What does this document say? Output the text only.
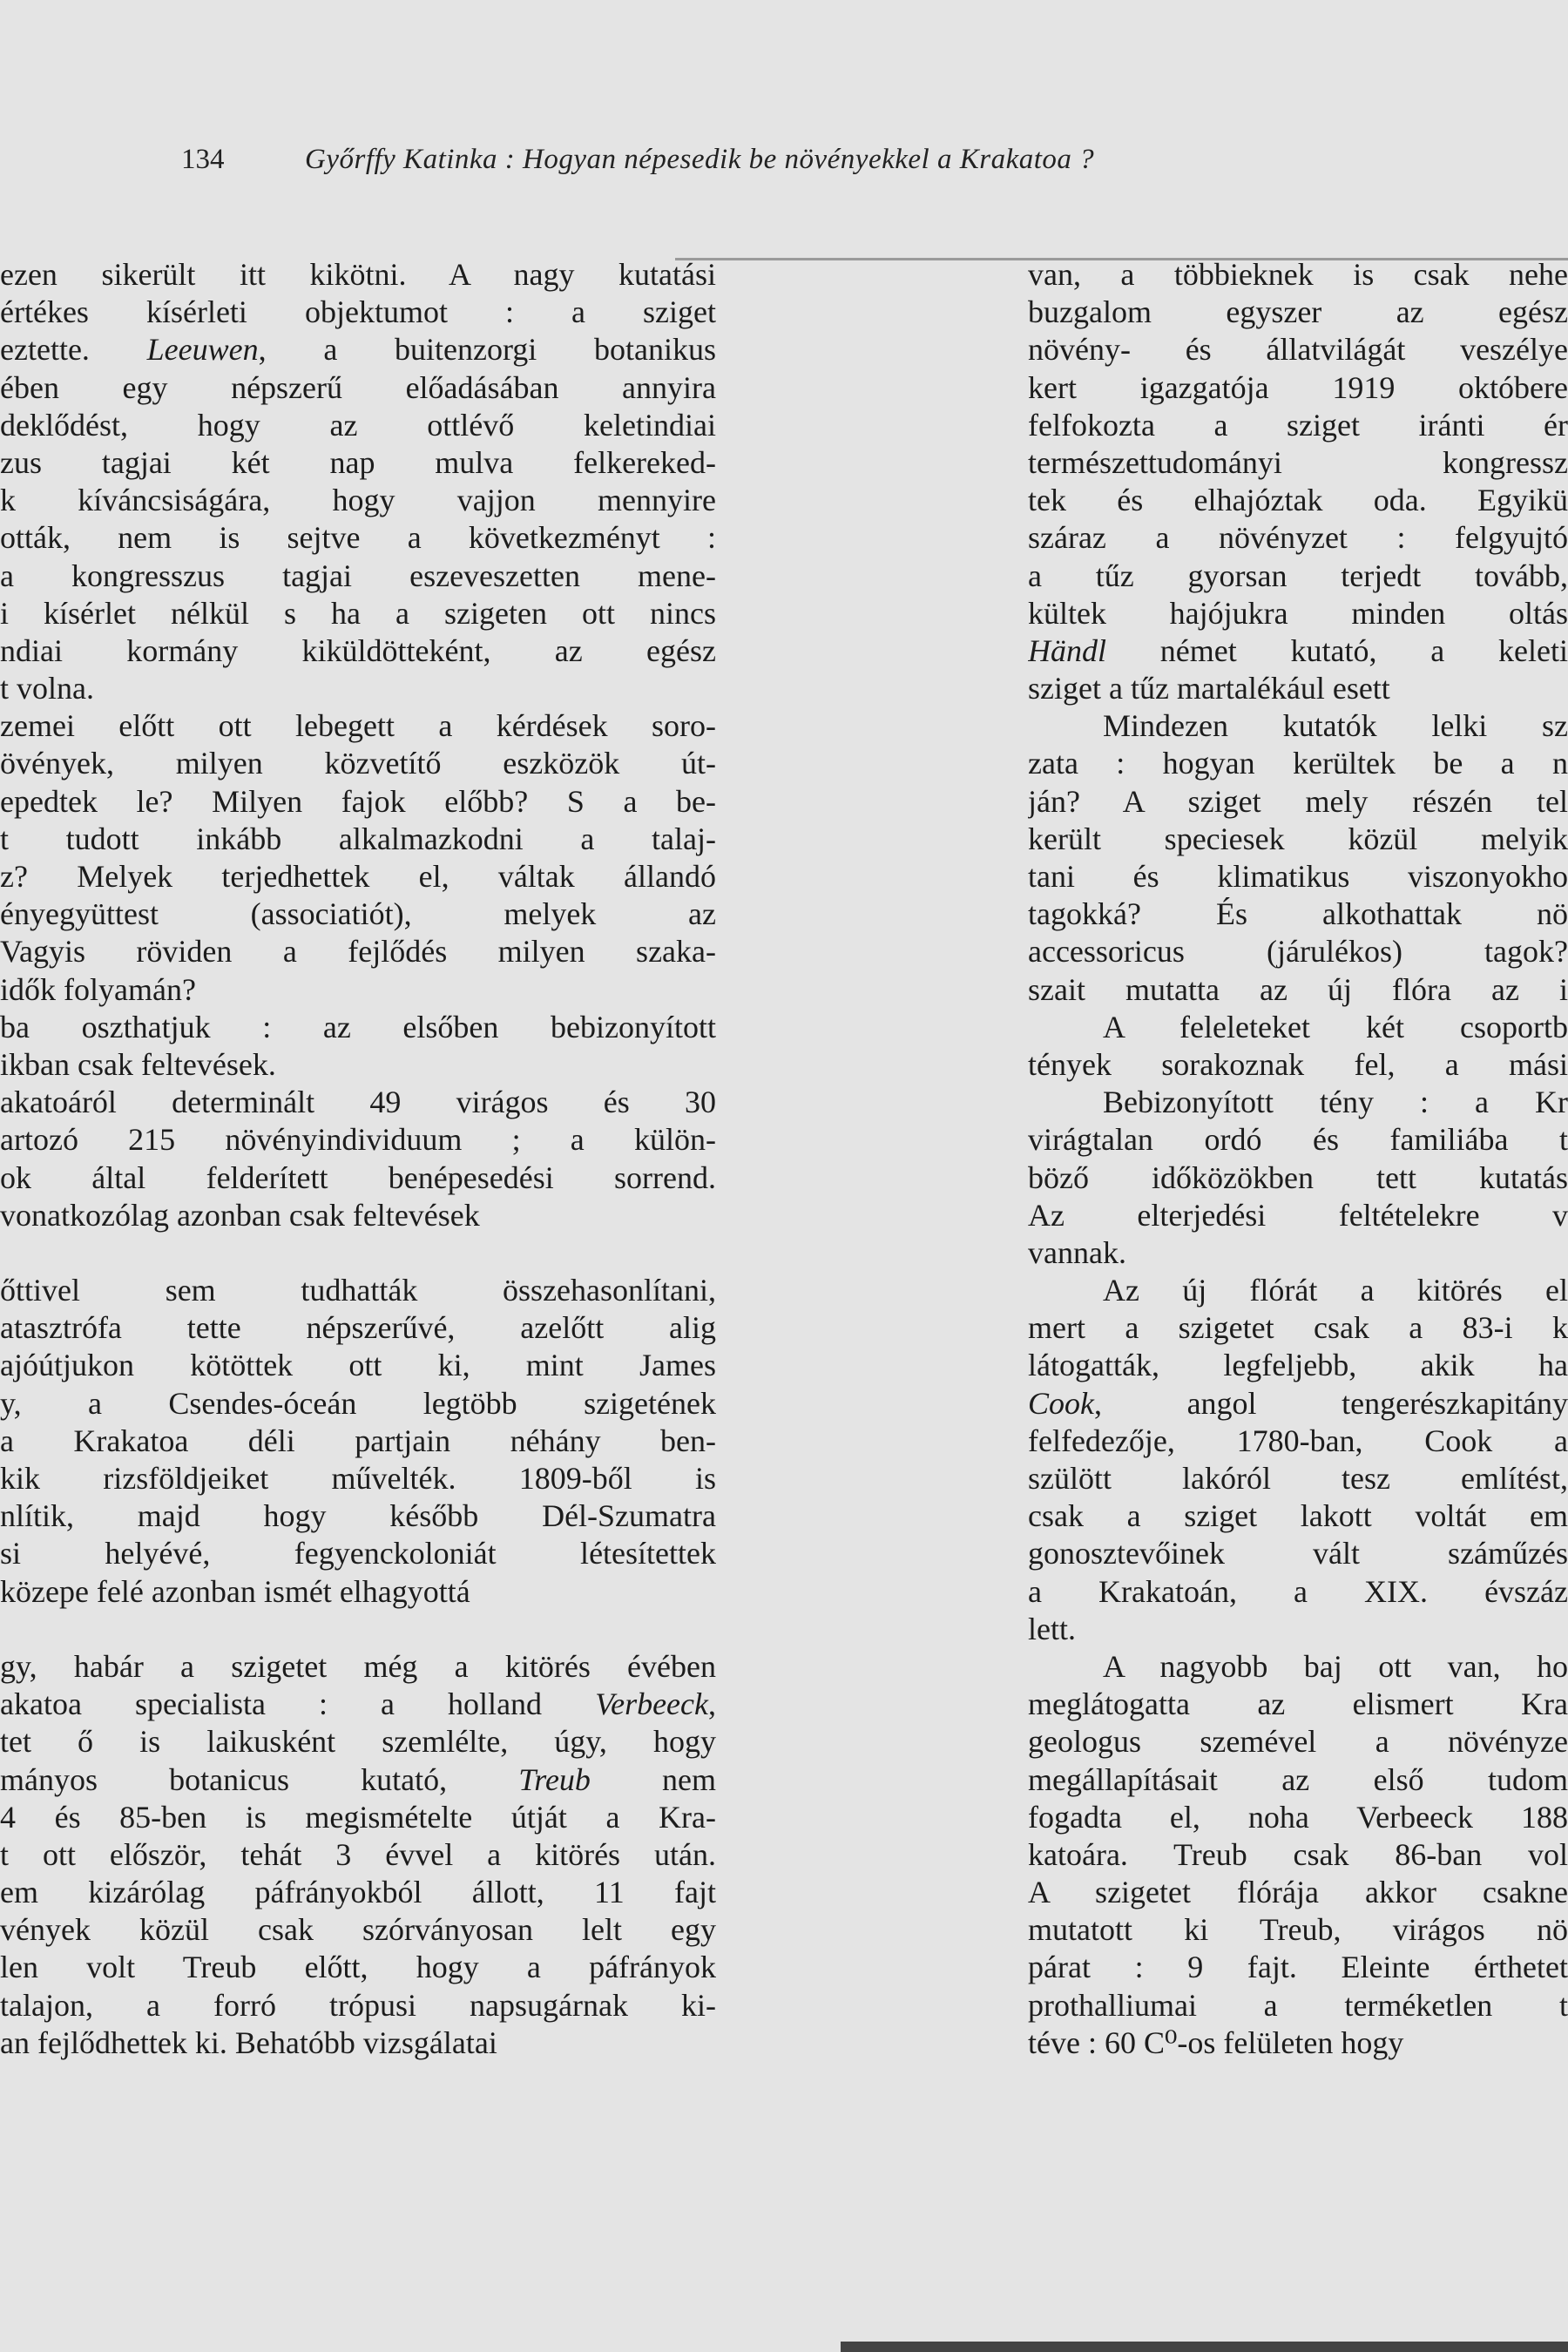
134	Győrffy Katinka : Hogyan népesedik be növényekkel a Krakatoa ?
ezen sikerült itt kikötni. A nagy kutatási
értékes kísérleti objektumot : a sziget
eztette. Leeuwen, a buitenzorgi botanikus
ében egy népszerű előadásában annyira
deklődést, hogy az ottlévő keletindiai
zus tagjai két nap mulva felkereked-
k kíváncsiságára, hogy vajjon mennyire
ották, nem is sejtve a következményt :
a kongresszus tagjai eszeveszetten mene-
i kísérlet nélkül s ha a szigeten ott nincs
ndiai kormány kiküldötteként, az egész
t volna.
zemei előtt ott lebegett a kérdések soro-
övények, milyen közvetítő eszközök út-
epedtek le? Milyen fajok előbb? S a be-
t tudott inkább alkalmazkodni a talaj-
z? Melyek terjedhettek el, váltak állandó
ényegyüttest (associatiót), melyek az
Vagyis röviden a fejlődés milyen szaka-
idők folyamán?
ba oszthatjuk : az elsőben bebizonyított
ikban csak feltevések.
akatoáról determinált 49 virágos és 30
artozó 215 növényindividuum ; a külön-
ok által felderített benépesedési sorrend.
vonatkozólag azonban csak feltevések
őttivel sem tudhatták összehasonlítani,
atasztrófa tette népszerűvé, azelőtt alig
ajóútjukon kötöttek ott ki, mint James
y, a Csendes-óceán legtöbb szigetének
a Krakatoa déli partjain néhány ben-
kik rizsföldjeiket művelték. 1809-ből is
nlítik, majd hogy később Dél-Szumatra
si helyévé, fegyenckoloniát létesítettek
közepe felé azonban ismét elhagyottá
gy, habár a szigetet még a kitörés évében
akatoa specialista : a holland Verbeeck,
tet ő is laikusként szemlélte, úgy, hogy
mányos botanicus kutató, Treub nem
4 és 85-ben is megismételte útját a Kra-
t ott először, tehát 3 évvel a kitörés után.
em kizárólag páfrányokból állott, 11 fajt
vények közül csak szórványosan lelt egy
len volt Treub előtt, hogy a páfrányok
talajon, a forró trópusi napsugárnak ki-
an fejlődhettek ki. Behatóbb vizsgálatai
van, a többieknek is csak nehe
buzgalom egyszer az egész
növény- és állatvilágát veszélye
kert igazgatója 1919 októbere
felfokozta a sziget iránti ér
természettudományi kongressz
tek és elhajóztak oda. Egyikü
száraz a növényzet : felgyujtó
a tűz gyorsan terjedt tovább,
kültek hajójukra minden oltás
Händl német kutató, a keleti
sziget a tűz martalékául esett
Mindezen kutatók lelki sz
zata : hogyan kerültek be a n
ján? A sziget mely részén tel
került speciesek közül melyik
tani és klimatikus viszonyokho
tagokká? És alkothattak nö
accessoricus (járulékos) tagok?
szait mutatta az új flóra az i
A feleleteket két csoportb
tények sorakoznak fel, a mási
Bebizonyított tény : a Kr
virágtalan ordó és familiába t
böző időközökben tett kutatás
Az elterjedési feltételekre v
vannak.
Az új flórát a kitörés el
mert a szigetet csak a 83-i k
látogatták, legfeljebb, akik ha
Cook, angol tengerészkapitány
felfedezője, 1780-ban, Cook a
szülött lakóról tesz említést,
csak a sziget lakott voltát em
gonosztevőinek vált száműzés
a Krakatoán, a XIX. évszáz
lett.
A nagyobb baj ott van, ho
meglátogatta az elismert Kra
geologus szemével a növényze
megállapításait az első tudom
fogadta el, noha Verbeeck 188
katoára. Treub csak 86-ban vol
A szigetet flórája akkor csakne
mutatott ki Treub, virágos nö
párat : 9 fajt. Eleinte érthetet
prothalliumai a terméketlen t
téve : 60 C⁰-os felületen hogy
